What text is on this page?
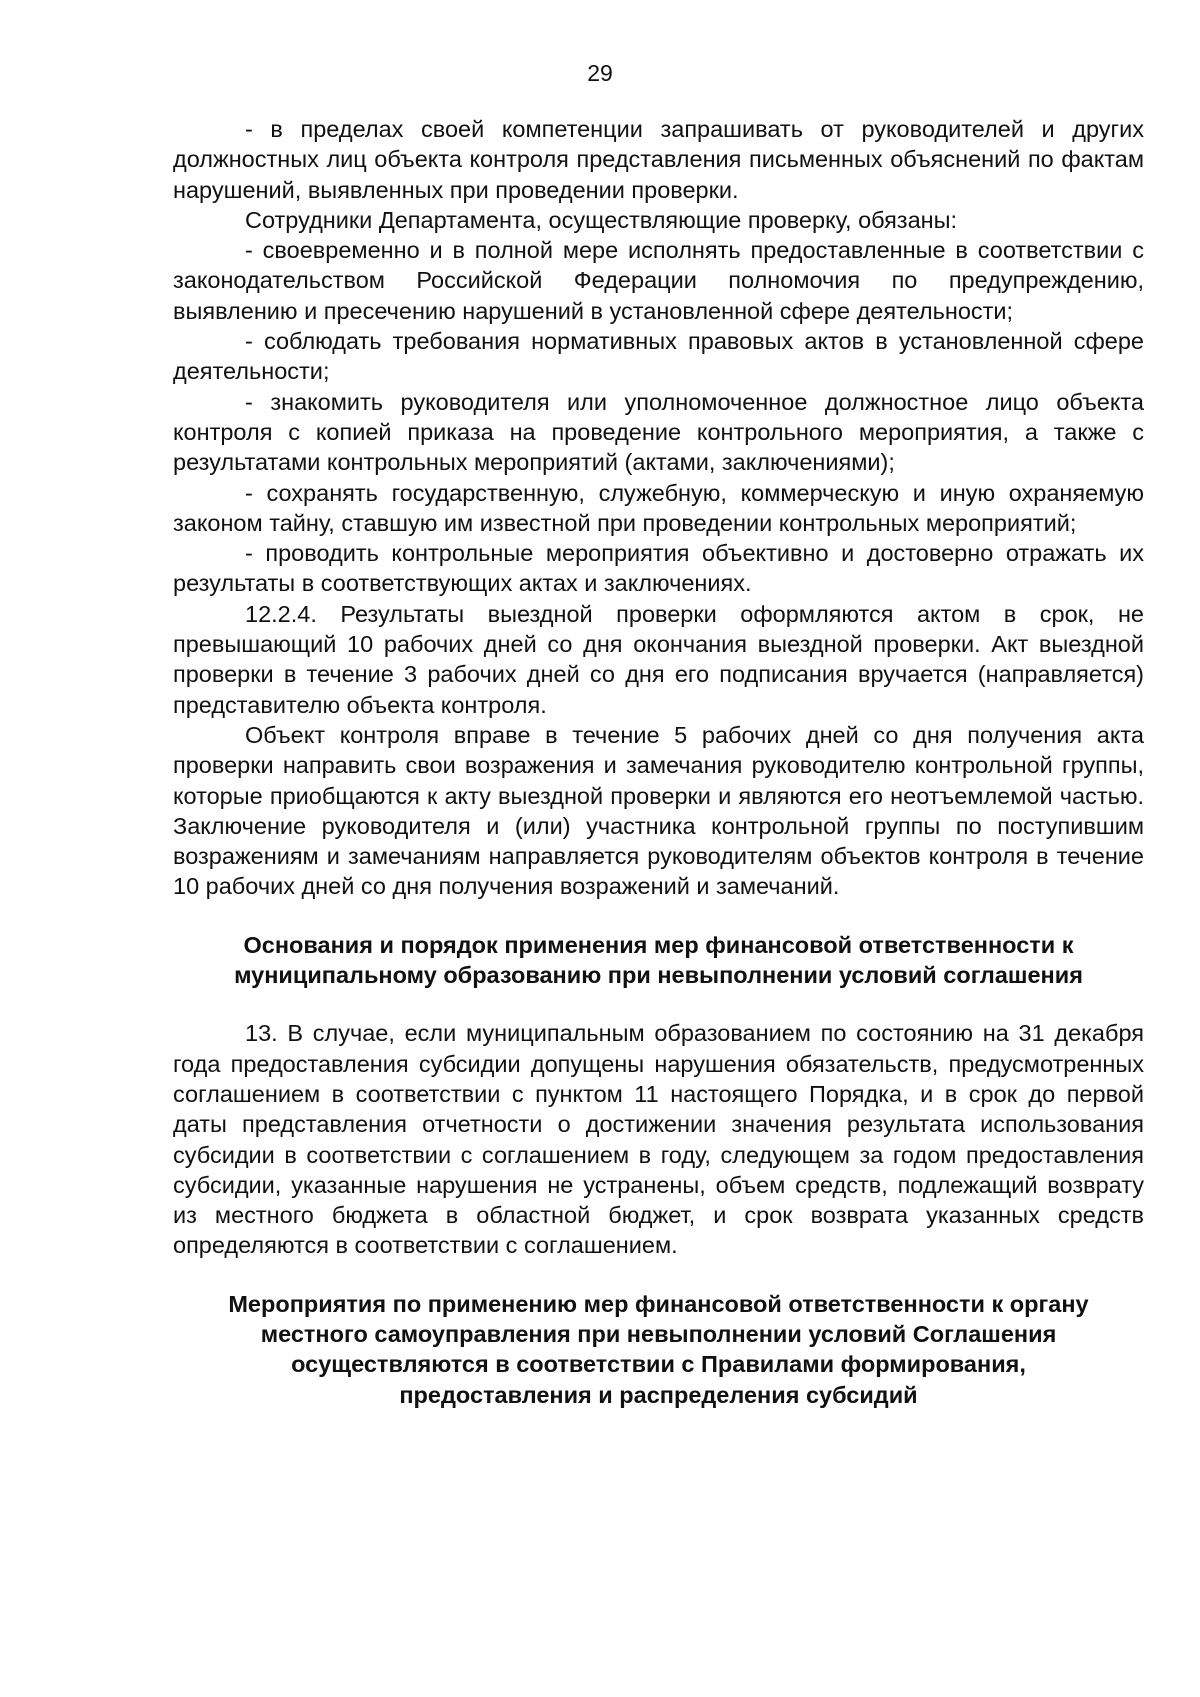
29

- в пределах своей компетенции запрашивать от руководителей и других должностных лиц объекта контроля представления письменных объяснений по фактам нарушений, выявленных при проведении проверки.

Сотрудники Департамента, осуществляющие проверку, обязаны:

- своевременно и в полной мере исполнять предоставленные в соответствии с законодательством Российской Федерации полномочия по предупреждению, выявлению и пресечению нарушений в установленной сфере деятельности;

- соблюдать требования нормативных правовых актов в установленной сфере деятельности;

- знакомить руководителя или уполномоченное должностное лицо объекта контроля с копией приказа на проведение контрольного мероприятия, а также с результатами контрольных мероприятий (актами, заключениями);

- сохранять государственную, служебную, коммерческую и иную охраняемую законом тайну, ставшую им известной при проведении контрольных мероприятий;

- проводить контрольные мероприятия объективно и достоверно отражать их результаты в соответствующих актах и заключениях.

12.2.4. Результаты выездной проверки оформляются актом в срок, не превышающий 10 рабочих дней со дня окончания выездной проверки. Акт выездной проверки в течение 3 рабочих дней со дня его подписания вручается (направляется) представителю объекта контроля.

Объект контроля вправе в течение 5 рабочих дней со дня получения акта проверки направить свои возражения и замечания руководителю контрольной группы, которые приобщаются к акту выездной проверки и являются его неотъемлемой частью. Заключение руководителя и (или) участника контрольной группы по поступившим возражениям и замечаниям направляется руководителям объектов контроля в течение 10 рабочих дней со дня получения возражений и замечаний.

Основания и порядок применения мер финансовой ответственности к муниципальному образованию при невыполнении условий соглашения

13. В случае, если муниципальным образованием по состоянию на 31 декабря года предоставления субсидии допущены нарушения обязательств, предусмотренных соглашением в соответствии с пунктом 11 настоящего Порядка, и в срок до первой даты представления отчетности о достижении значения результата использования субсидии в соответствии с соглашением в году, следующем за годом предоставления субсидии, указанные нарушения не устранены, объем средств, подлежащий возврату из местного бюджета в областной бюджет, и срок возврата указанных средств определяются в соответствии с соглашением.

Мероприятия по применению мер финансовой ответственности к органу
местного самоуправления при невыполнении условий Соглашения
осуществляются в соответствии с Правилами формирования,
предоставления и распределения субсидий
